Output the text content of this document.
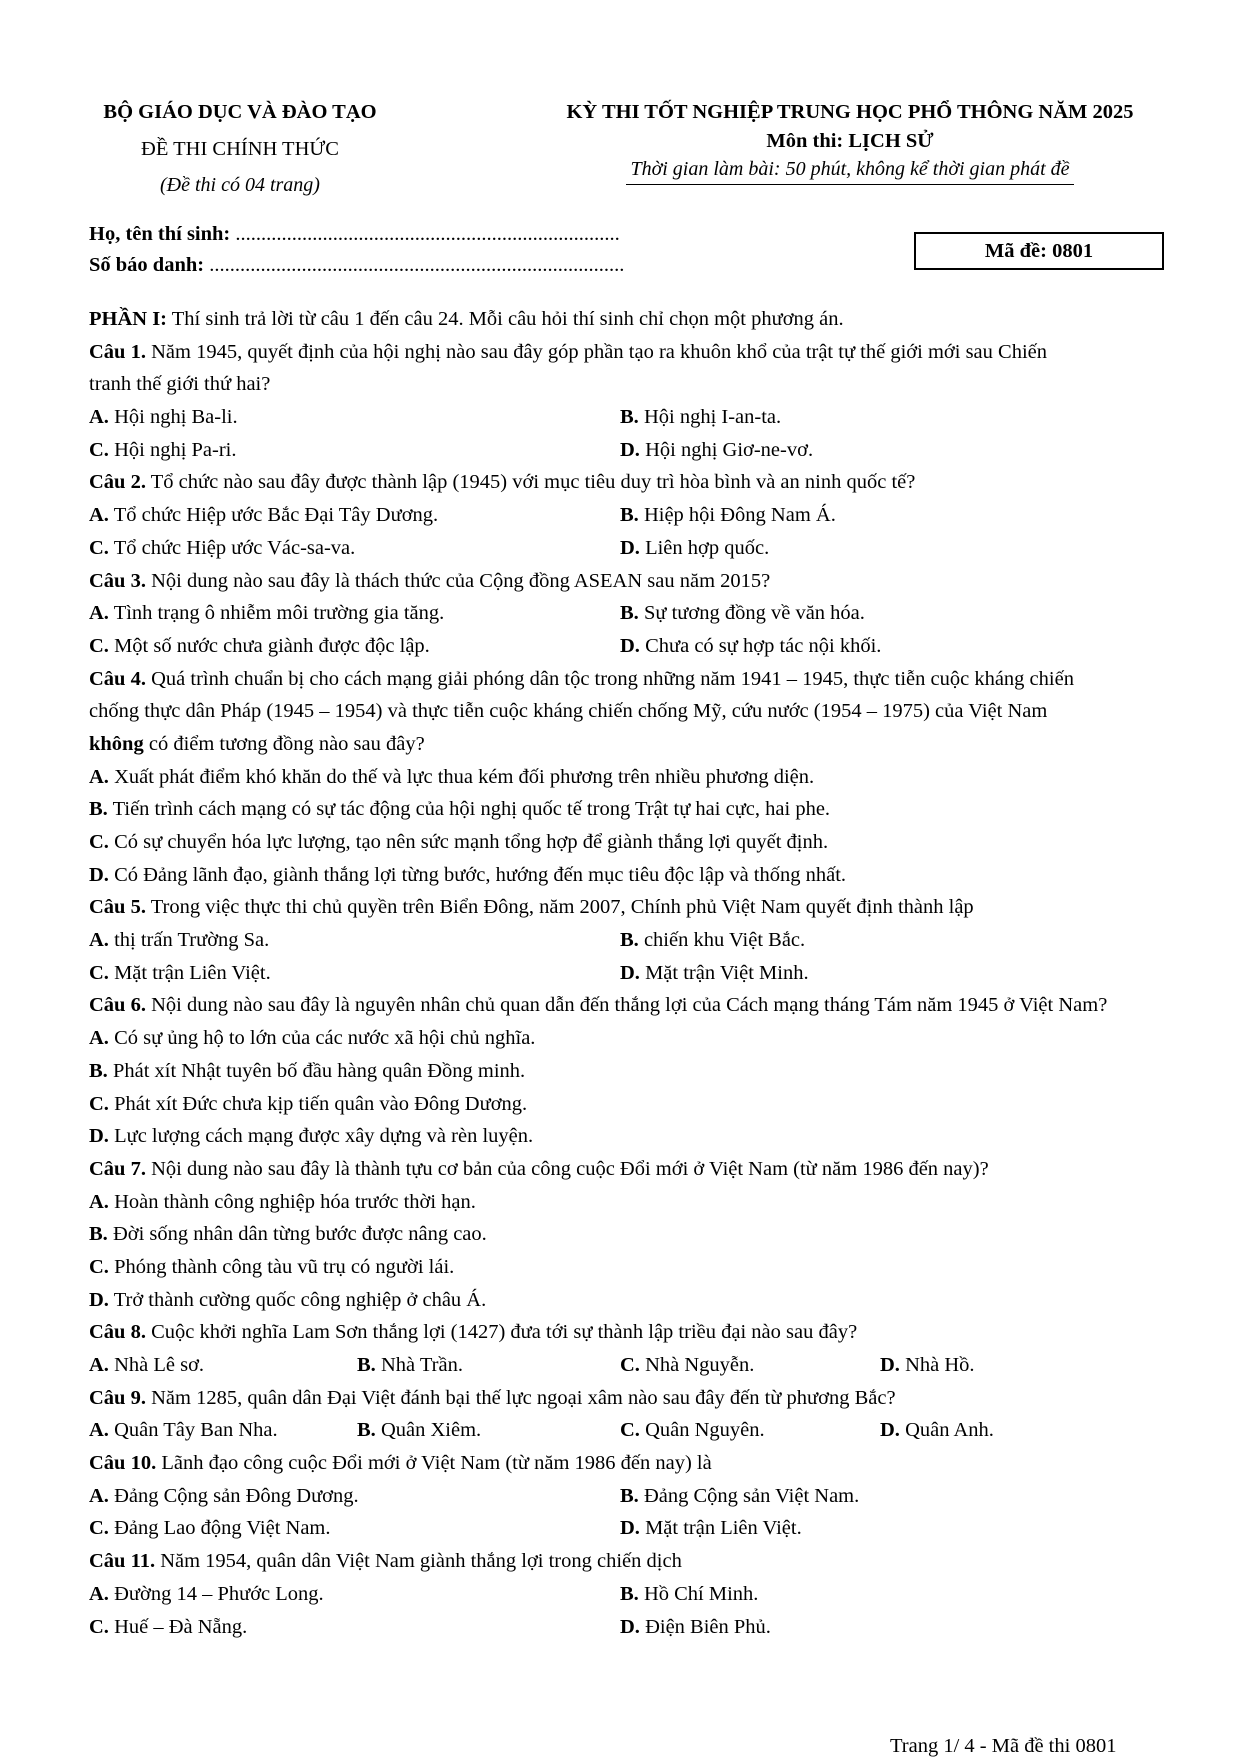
BỘ GIÁO DỤC VÀ ĐÀO TẠO
ĐỀ THI CHÍNH THỨC
(Đề thi có 04 trang)
KỲ THI TỐT NGHIỆP TRUNG HỌC PHỔ THÔNG NĂM 2025
Môn thi: LỊCH SỬ
Thời gian làm bài: 50 phút, không kể thời gian phát đề
Họ, tên thí sinh: ...........................................................................
Số báo danh: .................................................................................
Mã đề: 0801
PHẦN I: Thí sinh trả lời từ câu 1 đến câu 24. Mỗi câu hỏi thí sinh chỉ chọn một phương án.
Câu 1. Năm 1945, quyết định của hội nghị nào sau đây góp phần tạo ra khuôn khổ của trật tự thế giới mới sau Chiến
tranh thế giới thứ hai?
A. Hội nghị Ba-li.	B. Hội nghị I-an-ta.
C. Hội nghị Pa-ri.	D. Hội nghị Giơ-ne-vơ.
Câu 2. Tổ chức nào sau đây được thành lập (1945) với mục tiêu duy trì hòa bình và an ninh quốc tế?
A. Tổ chức Hiệp ước Bắc Đại Tây Dương.	B. Hiệp hội Đông Nam Á.
C. Tổ chức Hiệp ước Vác-sa-va.	D. Liên hợp quốc.
Câu 3. Nội dung nào sau đây là thách thức của Cộng đồng ASEAN sau năm 2015?
A. Tình trạng ô nhiễm môi trường gia tăng.	B. Sự tương đồng về văn hóa.
C. Một số nước chưa giành được độc lập.	D. Chưa có sự hợp tác nội khối.
Câu 4. Quá trình chuẩn bị cho cách mạng giải phóng dân tộc trong những năm 1941 – 1945, thực tiễn cuộc kháng chiến
chống thực dân Pháp (1945 – 1954) và thực tiễn cuộc kháng chiến chống Mỹ, cứu nước (1954 – 1975) của Việt Nam
không có điểm tương đồng nào sau đây?
A. Xuất phát điểm khó khăn do thế và lực thua kém đối phương trên nhiều phương diện.
B. Tiến trình cách mạng có sự tác động của hội nghị quốc tế trong Trật tự hai cực, hai phe.
C. Có sự chuyển hóa lực lượng, tạo nên sức mạnh tổng hợp để giành thắng lợi quyết định.
D. Có Đảng lãnh đạo, giành thắng lợi từng bước, hướng đến mục tiêu độc lập và thống nhất.
Câu 5. Trong việc thực thi chủ quyền trên Biển Đông, năm 2007, Chính phủ Việt Nam quyết định thành lập
A. thị trấn Trường Sa.	B. chiến khu Việt Bắc.
C. Mặt trận Liên Việt.	D. Mặt trận Việt Minh.
Câu 6. Nội dung nào sau đây là nguyên nhân chủ quan dẫn đến thắng lợi của Cách mạng tháng Tám năm 1945 ở Việt Nam?
A. Có sự ủng hộ to lớn của các nước xã hội chủ nghĩa.
B. Phát xít Nhật tuyên bố đầu hàng quân Đồng minh.
C. Phát xít Đức chưa kịp tiến quân vào Đông Dương.
D. Lực lượng cách mạng được xây dựng và rèn luyện.
Câu 7. Nội dung nào sau đây là thành tựu cơ bản của công cuộc Đổi mới ở Việt Nam (từ năm 1986 đến nay)?
A. Hoàn thành công nghiệp hóa trước thời hạn.
B. Đời sống nhân dân từng bước được nâng cao.
C. Phóng thành công tàu vũ trụ có người lái.
D. Trở thành cường quốc công nghiệp ở châu Á.
Câu 8. Cuộc khởi nghĩa Lam Sơn thắng lợi (1427) đưa tới sự thành lập triều đại nào sau đây?
A. Nhà Lê sơ.	B. Nhà Trần.	C. Nhà Nguyễn.	D. Nhà Hồ.
Câu 9. Năm 1285, quân dân Đại Việt đánh bại thế lực ngoại xâm nào sau đây đến từ phương Bắc?
A. Quân Tây Ban Nha.	B. Quân Xiêm.	C. Quân Nguyên.	D. Quân Anh.
Câu 10. Lãnh đạo công cuộc Đổi mới ở Việt Nam (từ năm 1986 đến nay) là
A. Đảng Cộng sản Đông Dương.	B. Đảng Cộng sản Việt Nam.
C. Đảng Lao động Việt Nam.	D. Mặt trận Liên Việt.
Câu 11. Năm 1954, quân dân Việt Nam giành thắng lợi trong chiến dịch
A. Đường 14 – Phước Long.	B. Hồ Chí Minh.
C. Huế – Đà Nẵng.	D. Điện Biên Phủ.
Trang 1/ 4 - Mã đề thi 0801
